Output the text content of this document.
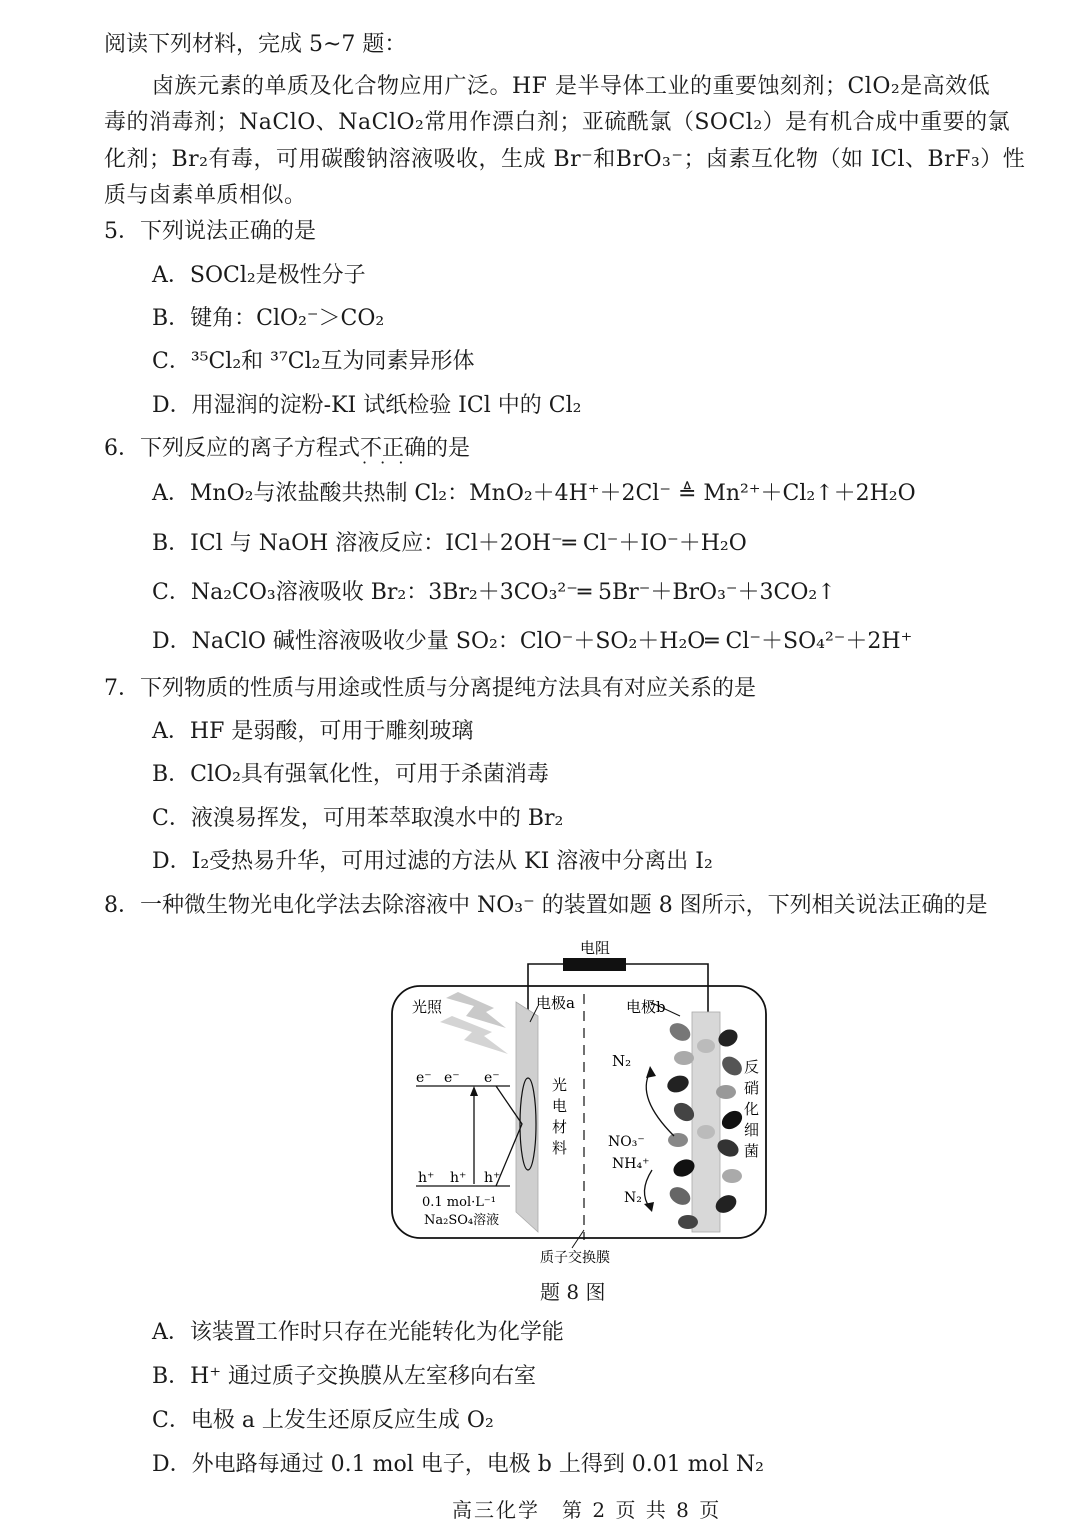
阅读下列材料，完成 5~7 题：
卤族元素的单质及化合物应用广泛。HF 是半导体工业的重要蚀刻剂；ClO₂是高效低
毒的消毒剂；NaClO、NaClO₂常用作漂白剂；亚硫酰氯（SOCl₂）是有机合成中重要的氯
化剂；Br₂有毒，可用碳酸钠溶液吸收，生成 Br⁻和BrO₃⁻；卤素互化物（如 ICl、BrF₃）性
质与卤素单质相似。
5．下列说法正确的是
A．SOCl₂是极性分子
B．键角：ClO₂⁻＞CO₂
C．³⁵Cl₂和 ³⁷Cl₂互为同素异形体
D．用湿润的淀粉-KI 试纸检验 ICl 中的 Cl₂
6．下列反应的离子方程式不正确 · · ·的是
A．MnO₂与浓盐酸共热制 Cl₂：MnO₂＋4H⁺＋2Cl⁻ ≜ Mn²⁺＋Cl₂↑＋2H₂O
B．ICl 与 NaOH 溶液反应：ICl＋2OH⁻═ Cl⁻＋IO⁻＋H₂O
C．Na₂CO₃溶液吸收 Br₂：3Br₂＋3CO₃²⁻═ 5Br⁻＋BrO₃⁻＋3CO₂↑
D．NaClO 碱性溶液吸收少量 SO₂：ClO⁻＋SO₂＋H₂O═ Cl⁻＋SO₄²⁻＋2H⁺
7．下列物质的性质与用途或性质与分离提纯方法具有对应关系的是
A．HF 是弱酸，可用于雕刻玻璃
B．ClO₂具有强氧化性，可用于杀菌消毒
C．液溴易挥发，可用苯萃取溴水中的 Br₂
D．I₂受热易升华，可用过滤的方法从 KI 溶液中分离出 I₂
8．一种微生物光电化学法去除溶液中 NO₃⁻ 的装置如题 8 图所示，下列相关说法正确的是
电阻
光照	电极a
光 电 材 料
e⁻ e⁻ e⁻
h⁺ h⁺ h⁺
0.1 mol·L⁻¹
Na₂SO₄溶液
质子交换膜
电极b
反 硝 化 细 菌
N₂
NO₃⁻
NH₄⁺
N₂
题 8 图
A．该装置工作时只存在光能转化为化学能
B．H⁺ 通过质子交换膜从左室移向右室
C．电极 a 上发生还原反应生成 O₂
D．外电路每通过 0.1 mol 电子，电极 b 上得到 0.01 mol N₂
高三化学　第 2 页 共 8 页
